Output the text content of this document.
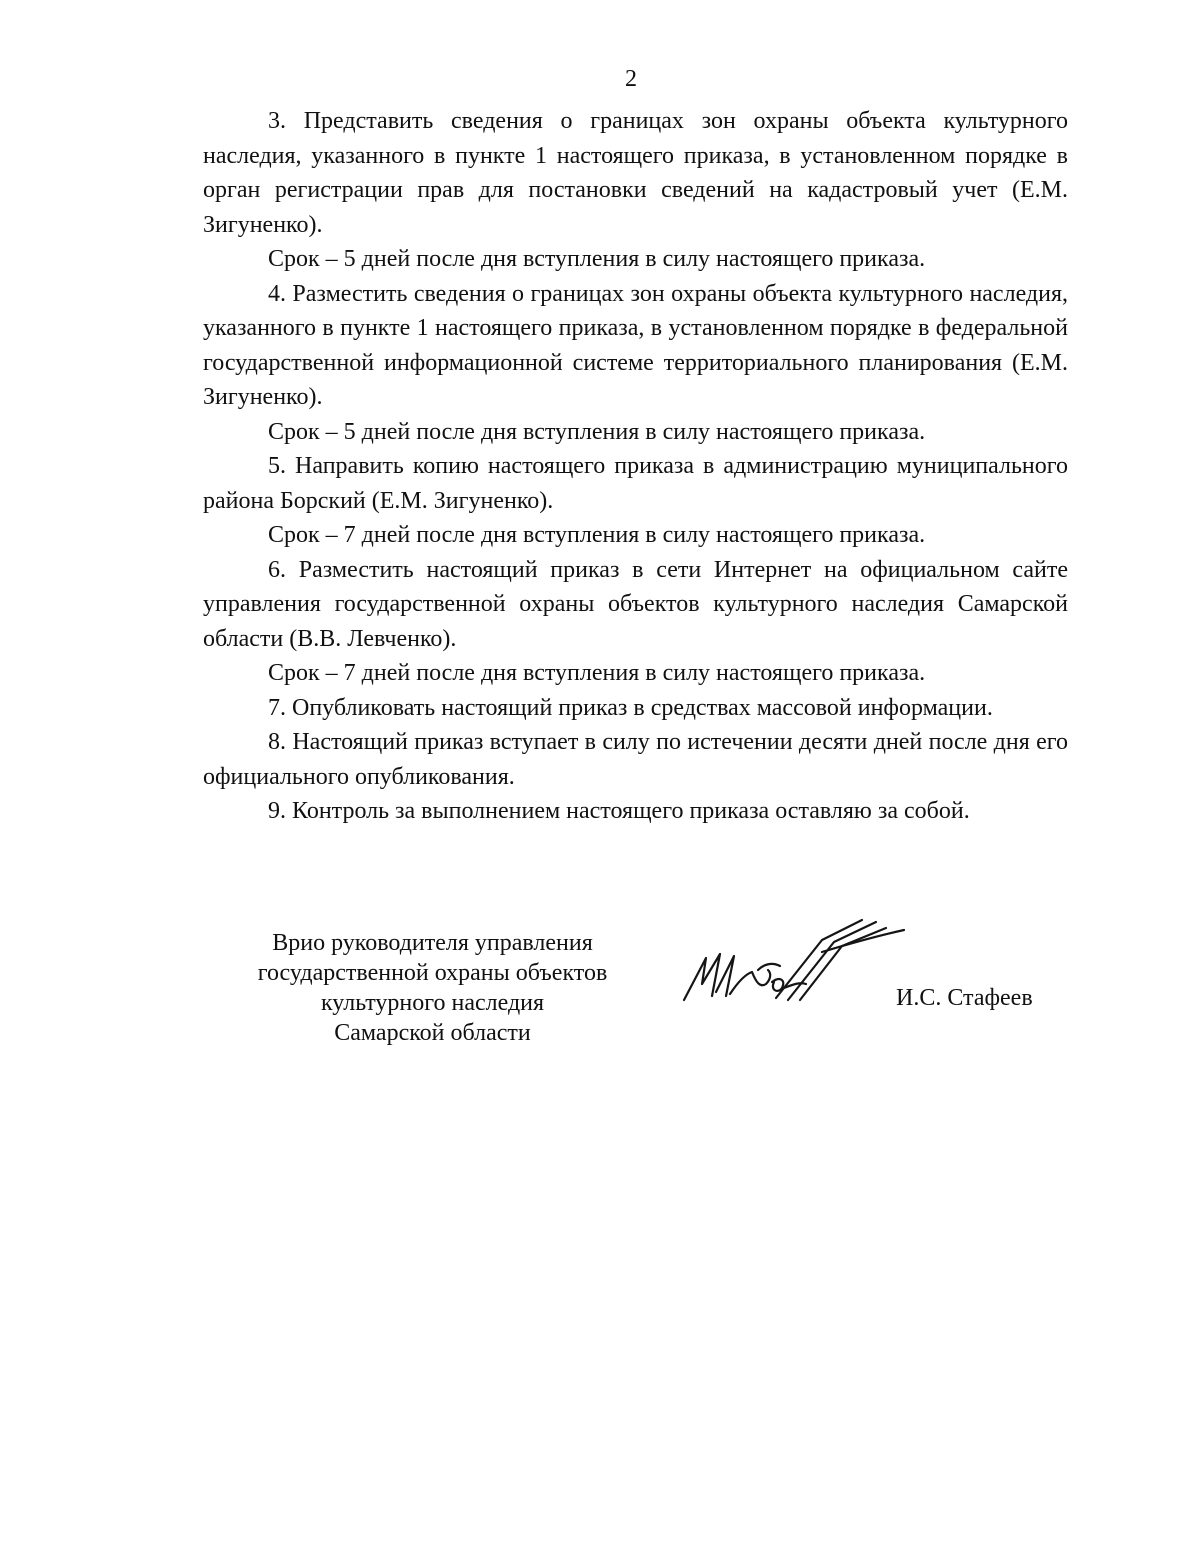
2

3. Представить сведения о границах зон охраны объекта культурного наследия, указанного в пункте 1 настоящего приказа, в установленном порядке в орган регистрации прав для постановки сведений на кадастровый учет (Е.М. Зигуненко).

Срок – 5 дней после дня вступления в силу настоящего приказа.

4. Разместить сведения о границах зон охраны объекта культурного наследия, указанного в пункте 1 настоящего приказа, в установленном порядке в федеральной государственной информационной системе территориального планирования (Е.М. Зигуненко).

Срок – 5 дней после дня вступления в силу настоящего приказа.

5. Направить копию настоящего приказа в администрацию муниципального района Борский (Е.М. Зигуненко).

Срок – 7 дней после дня вступления в силу настоящего приказа.

6. Разместить настоящий приказ в сети Интернет на официальном сайте управления государственной охраны объектов культурного наследия Самарской области (В.В. Левченко).

Срок – 7 дней после дня вступления в силу настоящего приказа.

7. Опубликовать настоящий приказ в средствах массовой информации.

8. Настоящий приказ вступает в силу по истечении десяти дней после дня его официального опубликования.

9. Контроль за выполнением настоящего приказа оставляю за собой.

Врио руководителя управления
государственной охраны объектов
культурного наследия
Самарской области
И.С. Стафеев
